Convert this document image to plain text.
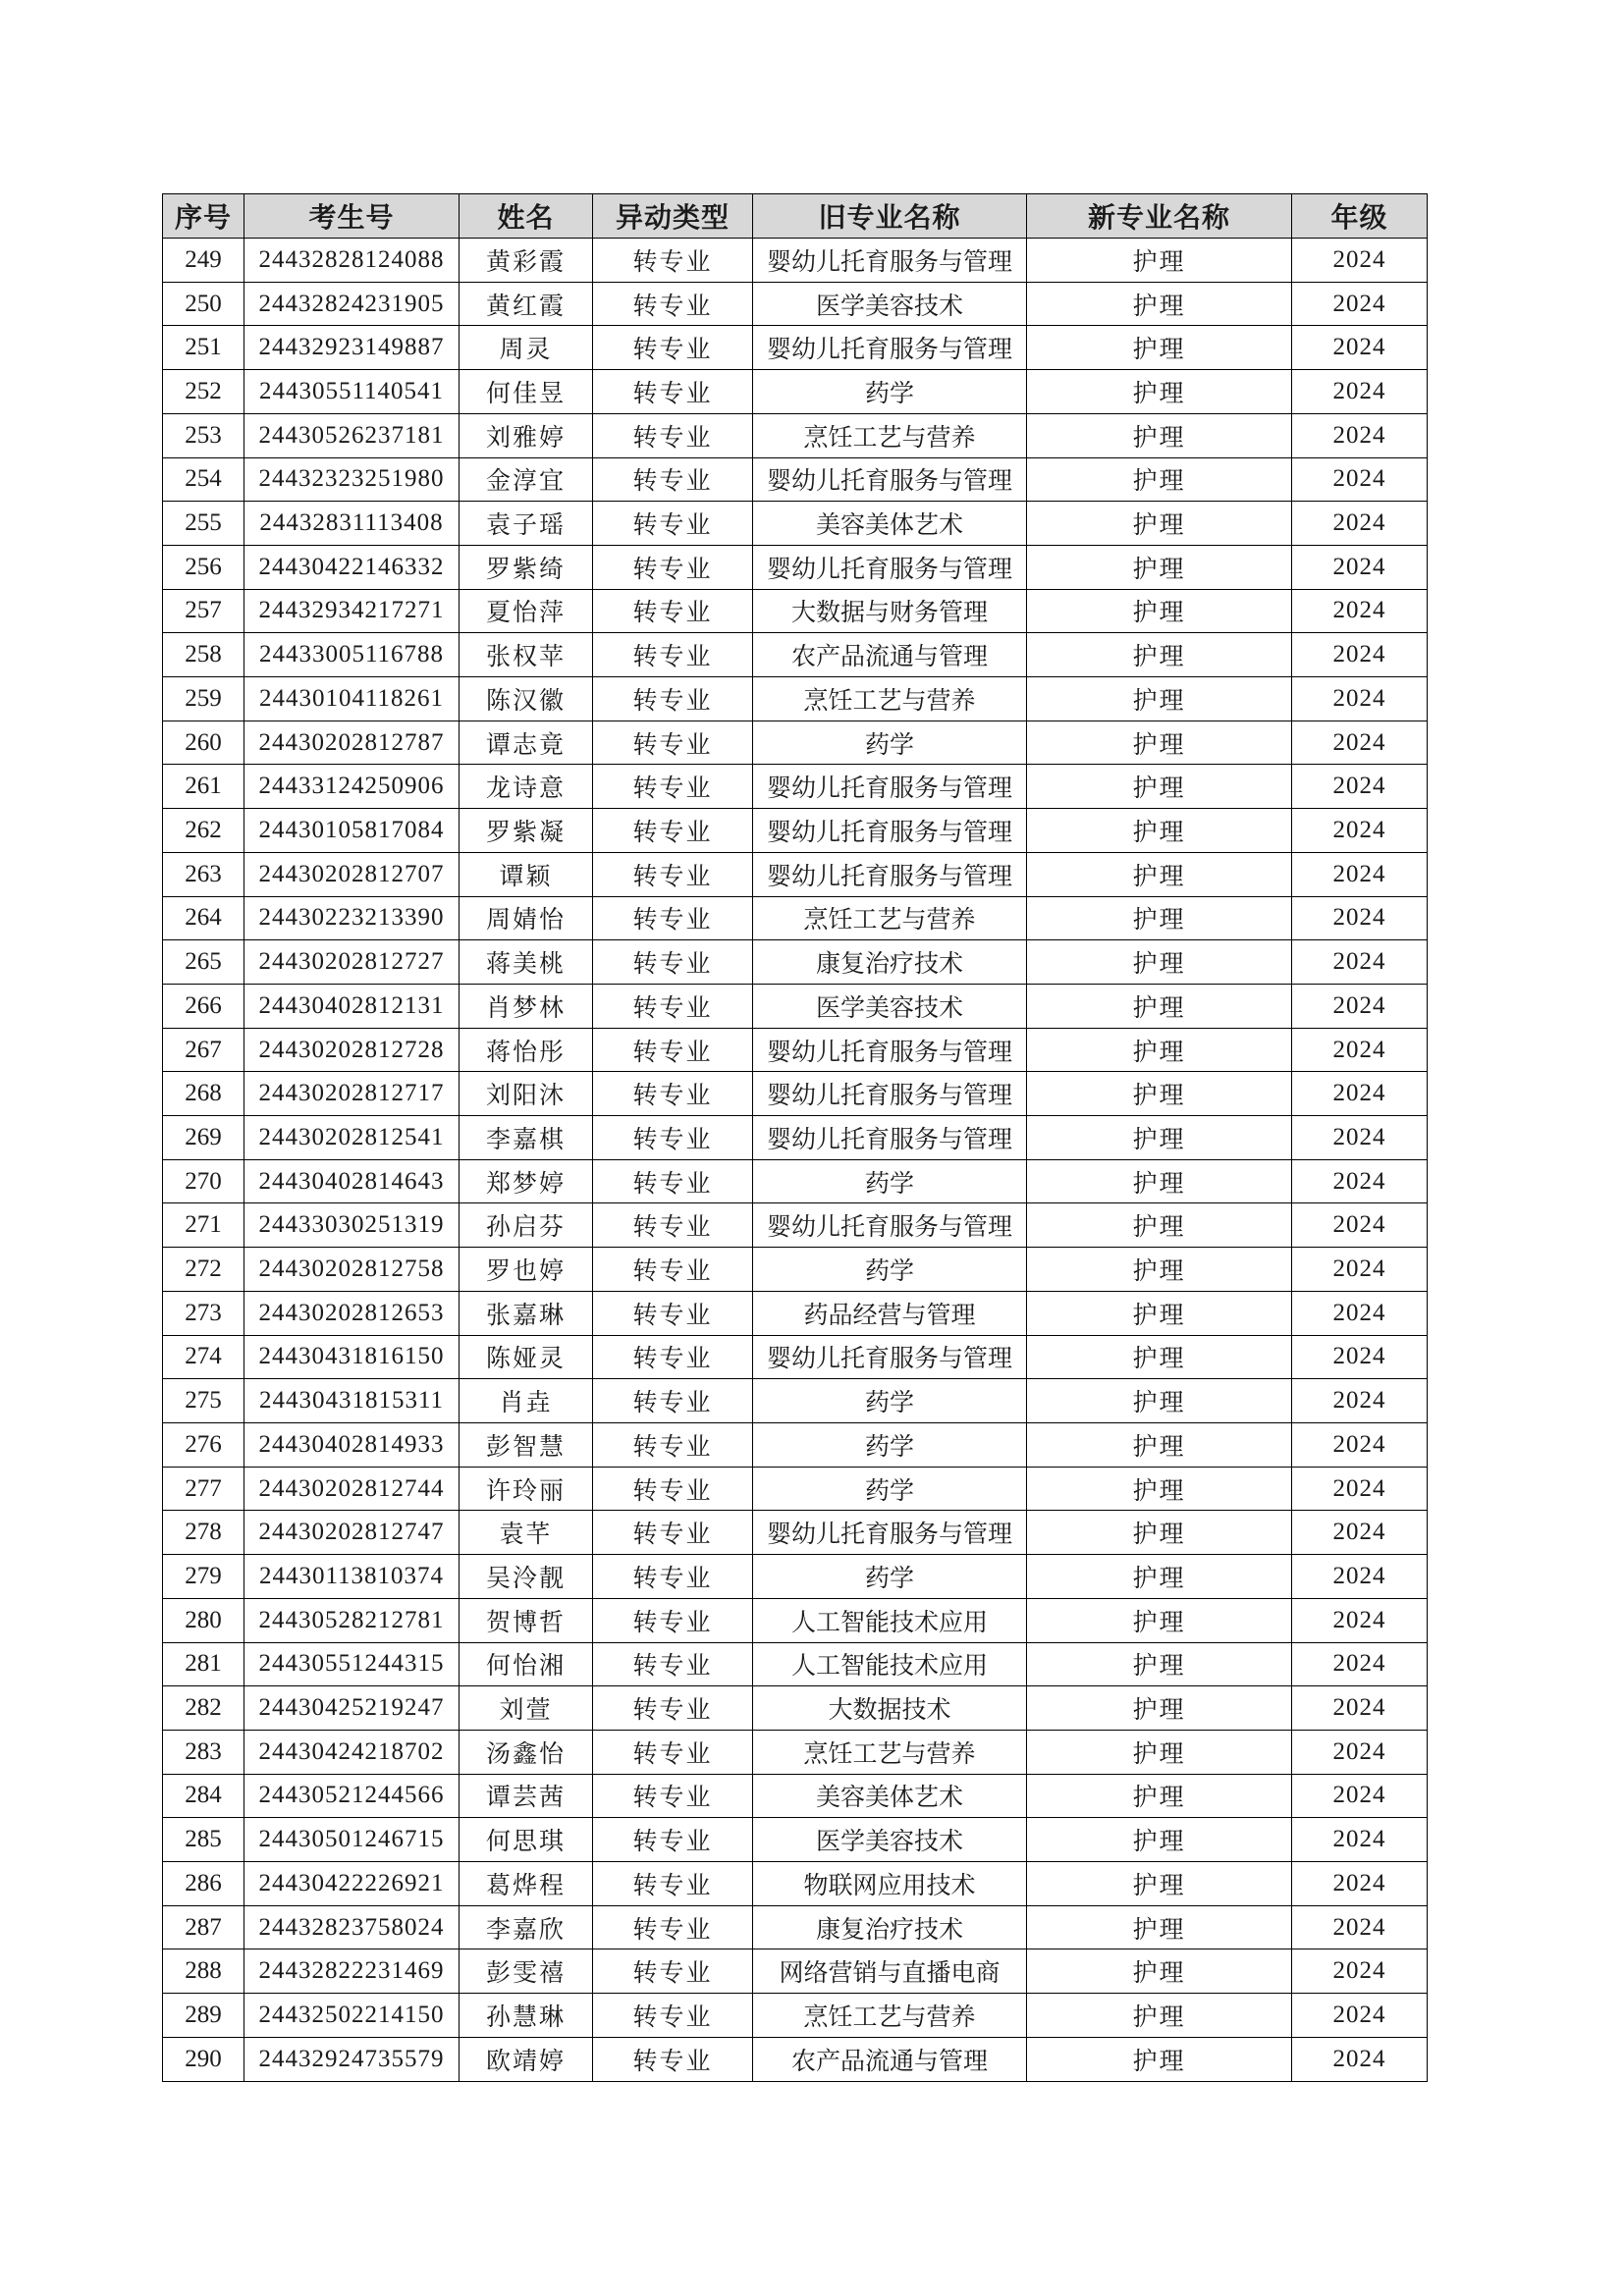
序号	考生号	姓名	异动类型	旧专业名称	新专业名称	年级
249	24432828124088	黄彩霞	转专业	婴幼儿托育服务与管理	护理	2024
250	24432824231905	黄红霞	转专业	医学美容技术	护理	2024
251	24432923149887	周灵	转专业	婴幼儿托育服务与管理	护理	2024
252	24430551140541	何佳昱	转专业	药学	护理	2024
253	24430526237181	刘雅婷	转专业	烹饪工艺与营养	护理	2024
254	24432323251980	金淳宜	转专业	婴幼儿托育服务与管理	护理	2024
255	24432831113408	袁子瑶	转专业	美容美体艺术	护理	2024
256	24430422146332	罗紫绮	转专业	婴幼儿托育服务与管理	护理	2024
257	24432934217271	夏怡萍	转专业	大数据与财务管理	护理	2024
258	24433005116788	张权苹	转专业	农产品流通与管理	护理	2024
259	24430104118261	陈汉徽	转专业	烹饪工艺与营养	护理	2024
260	24430202812787	谭志竟	转专业	药学	护理	2024
261	24433124250906	龙诗意	转专业	婴幼儿托育服务与管理	护理	2024
262	24430105817084	罗紫凝	转专业	婴幼儿托育服务与管理	护理	2024
263	24430202812707	谭颖	转专业	婴幼儿托育服务与管理	护理	2024
264	24430223213390	周婧怡	转专业	烹饪工艺与营养	护理	2024
265	24430202812727	蒋美桃	转专业	康复治疗技术	护理	2024
266	24430402812131	肖梦林	转专业	医学美容技术	护理	2024
267	24430202812728	蒋怡彤	转专业	婴幼儿托育服务与管理	护理	2024
268	24430202812717	刘阳沐	转专业	婴幼儿托育服务与管理	护理	2024
269	24430202812541	李嘉棋	转专业	婴幼儿托育服务与管理	护理	2024
270	24430402814643	郑梦婷	转专业	药学	护理	2024
271	24433030251319	孙启芬	转专业	婴幼儿托育服务与管理	护理	2024
272	24430202812758	罗也婷	转专业	药学	护理	2024
273	24430202812653	张嘉琳	转专业	药品经营与管理	护理	2024
274	24430431816150	陈娅灵	转专业	婴幼儿托育服务与管理	护理	2024
275	24430431815311	肖垚	转专业	药学	护理	2024
276	24430402814933	彭智慧	转专业	药学	护理	2024
277	24430202812744	许玲丽	转专业	药学	护理	2024
278	24430202812747	袁芊	转专业	婴幼儿托育服务与管理	护理	2024
279	24430113810374	吴泠靓	转专业	药学	护理	2024
280	24430528212781	贺博哲	转专业	人工智能技术应用	护理	2024
281	24430551244315	何怡湘	转专业	人工智能技术应用	护理	2024
282	24430425219247	刘萱	转专业	大数据技术	护理	2024
283	24430424218702	汤鑫怡	转专业	烹饪工艺与营养	护理	2024
284	24430521244566	谭芸茜	转专业	美容美体艺术	护理	2024
285	24430501246715	何思琪	转专业	医学美容技术	护理	2024
286	24430422226921	葛烨程	转专业	物联网应用技术	护理	2024
287	24432823758024	李嘉欣	转专业	康复治疗技术	护理	2024
288	24432822231469	彭雯禧	转专业	网络营销与直播电商	护理	2024
289	24432502214150	孙慧琳	转专业	烹饪工艺与营养	护理	2024
290	24432924735579	欧靖婷	转专业	农产品流通与管理	护理	2024
